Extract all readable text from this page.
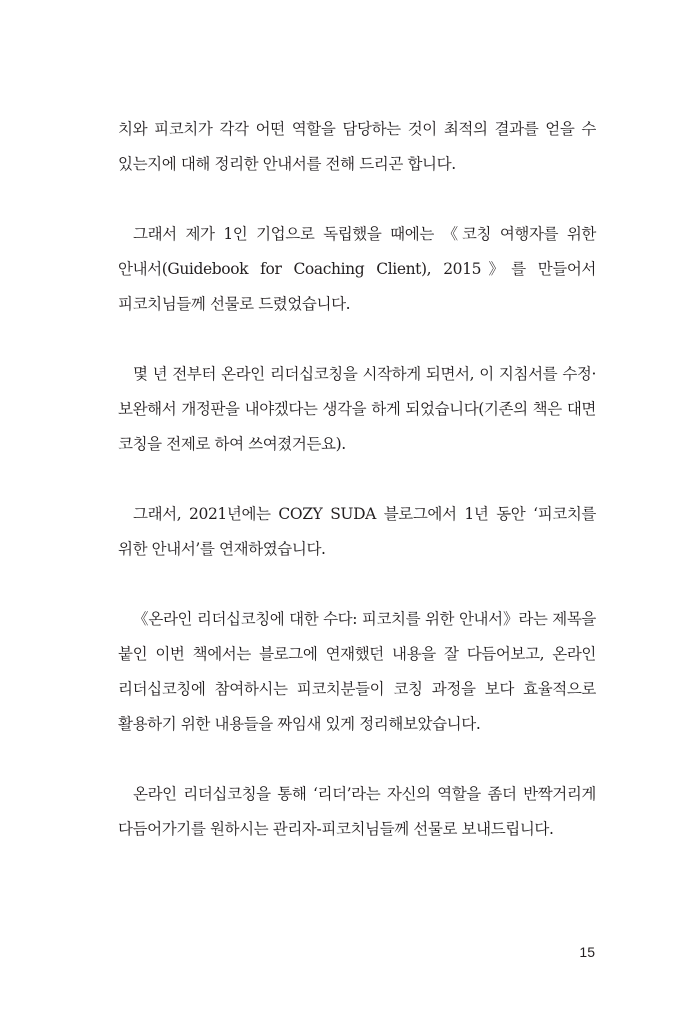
치와 피코치가 각각 어떤 역할을 담당하는 것이 최적의 결과를 얻을 수 있는지에 대해 정리한 안내서를 전해 드리곤 합니다.

그래서 제가 1인 기업으로 독립했을 때에는 《코칭 여행자를 위한 안내서(Guidebook for Coaching Client), 2015》를 만들어서 피코치님들께 선물로 드렸었습니다.

몇 년 전부터 온라인 리더십코칭을 시작하게 되면서, 이 지침서를 수정·보완해서 개정판을 내야겠다는 생각을 하게 되었습니다(기존의 책은 대면 코칭을 전제로 하여 쓰여졌거든요).

그래서, 2021년에는 COZY SUDA 블로그에서 1년 동안 ‘피코치를 위한 안내서’를 연재하였습니다.

《온라인 리더십코칭에 대한 수다: 피코치를 위한 안내서》라는 제목을 붙인 이번 책에서는 블로그에 연재했던 내용을 잘 다듬어보고, 온라인 리더십코칭에 참여하시는 피코치분들이 코칭 과정을 보다 효율적으로 활용하기 위한 내용들을 짜임새 있게 정리해보았습니다.

온라인 리더십코칭을 통해 ‘리더’라는 자신의 역할을 좀더 반짝거리게 다듬어가기를 원하시는 관리자-피코치님들께 선물로 보내드립니다.

15
